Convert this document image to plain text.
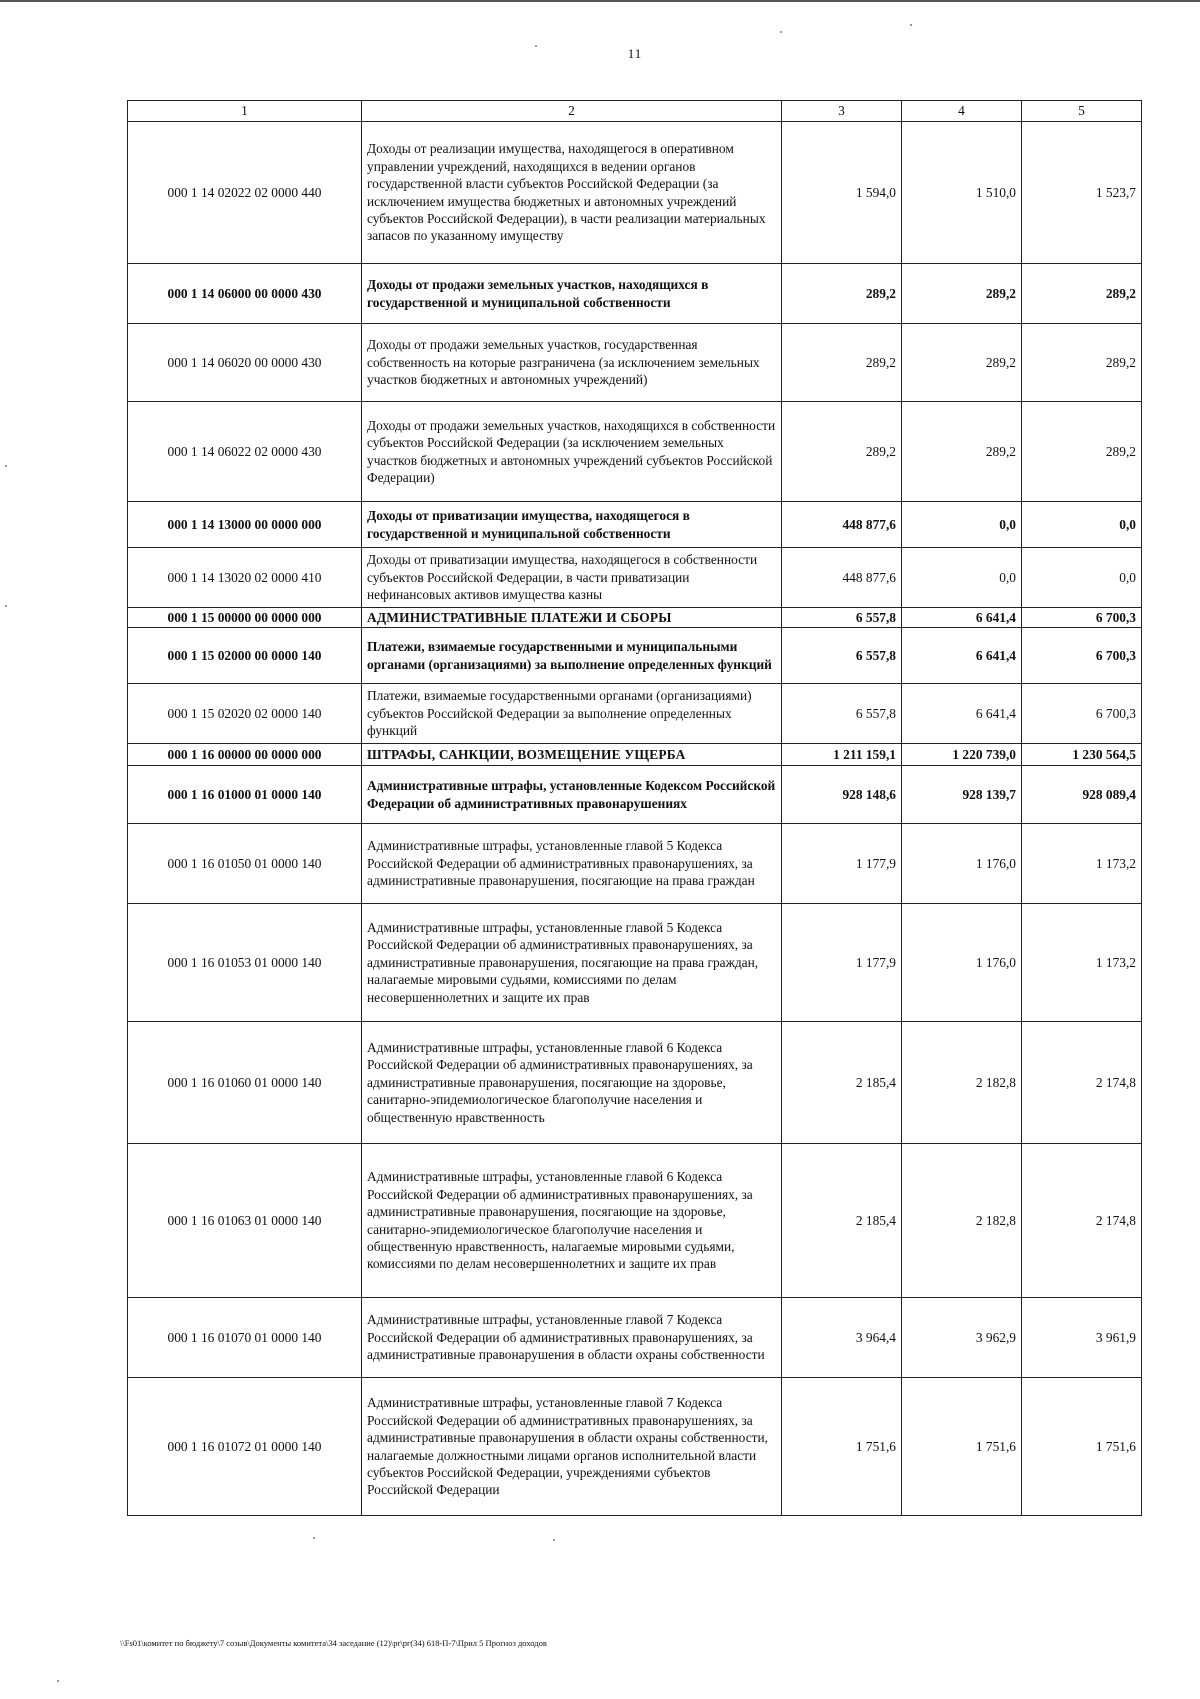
11
1	2	3	4	5
000 1 14 02022 02 0000 440	Доходы от реализации имущества, находящегося в оперативном управлении учреждений, находящихся в ведении органов государственной власти субъектов Российской Федерации (за исключением имущества бюджетных и автономных учреждений субъектов Российской Федерации), в части реализации материальных запасов по указанному имуществу	1 594,0	1 510,0	1 523,7
000 1 14 06000 00 0000 430	Доходы от продажи земельных участков, находящихся в государственной и муниципальной собственности	289,2	289,2	289,2
000 1 14 06020 00 0000 430	Доходы от продажи земельных участков, государственная собственность на которые разграничена (за исключением земельных участков бюджетных и автономных учреждений)	289,2	289,2	289,2
000 1 14 06022 02 0000 430	Доходы от продажи земельных участков, находящихся в собственности субъектов Российской Федерации (за исключением земельных участков бюджетных и автономных учреждений субъектов Российской Федерации)	289,2	289,2	289,2
000 1 14 13000 00 0000 000	Доходы от приватизации имущества, находящегося в государственной и муниципальной собственности	448 877,6	0,0	0,0
000 1 14 13020 02 0000 410	Доходы от приватизации имущества, находящегося в собственности субъектов Российской Федерации, в части приватизации нефинансовых активов имущества казны	448 877,6	0,0	0,0
000 1 15 00000 00 0000 000	АДМИНИСТРАТИВНЫЕ ПЛАТЕЖИ И СБОРЫ	6 557,8	6 641,4	6 700,3
000 1 15 02000 00 0000 140	Платежи, взимаемые государственными и муниципальными органами (организациями) за выполнение определенных функций	6 557,8	6 641,4	6 700,3
000 1 15 02020 02 0000 140	Платежи, взимаемые государственными органами (организациями) субъектов Российской Федерации за выполнение определенных функций	6 557,8	6 641,4	6 700,3
000 1 16 00000 00 0000 000	ШТРАФЫ, САНКЦИИ, ВОЗМЕЩЕНИЕ УЩЕРБА	1 211 159,1	1 220 739,0	1 230 564,5
000 1 16 01000 01 0000 140	Административные штрафы, установленные Кодексом Российской Федерации об административных правонарушениях	928 148,6	928 139,7	928 089,4
000 1 16 01050 01 0000 140	Административные штрафы, установленные главой 5 Кодекса Российской Федерации об административных правонарушениях, за административные правонарушения, посягающие на права граждан	1 177,9	1 176,0	1 173,2
000 1 16 01053 01 0000 140	Административные штрафы, установленные главой 5 Кодекса Российской Федерации об административных правонарушениях, за административные правонарушения, посягающие на права граждан, налагаемые мировыми судьями, комиссиями по делам несовершеннолетних и защите их прав	1 177,9	1 176,0	1 173,2
000 1 16 01060 01 0000 140	Административные штрафы, установленные главой 6 Кодекса Российской Федерации об административных правонарушениях, за административные правонарушения, посягающие на здоровье, санитарно-эпидемиологическое благополучие населения и общественную нравственность	2 185,4	2 182,8	2 174,8
000 1 16 01063 01 0000 140	Административные штрафы, установленные главой 6 Кодекса Российской Федерации об административных правонарушениях, за административные правонарушения, посягающие на здоровье, санитарно-эпидемиологическое благополучие населения и общественную нравственность, налагаемые мировыми судьями, комиссиями по делам несовершеннолетних и защите их прав	2 185,4	2 182,8	2 174,8
000 1 16 01070 01 0000 140	Административные штрафы, установленные главой 7 Кодекса Российской Федерации об административных правонарушениях, за административные правонарушения в области охраны собственности	3 964,4	3 962,9	3 961,9
000 1 16 01072 01 0000 140	Административные штрафы, установленные главой 7 Кодекса Российской Федерации об административных правонарушениях, за административные правонарушения в области охраны собственности, налагаемые должностными лицами органов исполнительной власти субъектов Российской Федерации, учреждениями субъектов Российской Федерации	1 751,6	1 751,6	1 751,6
\\Fs01\комитет по бюджету\7 созыв\Документы комитета\34 заседание (12)\pr\рг(34) 618-П-7\Прил 5 Прогноз доходов
